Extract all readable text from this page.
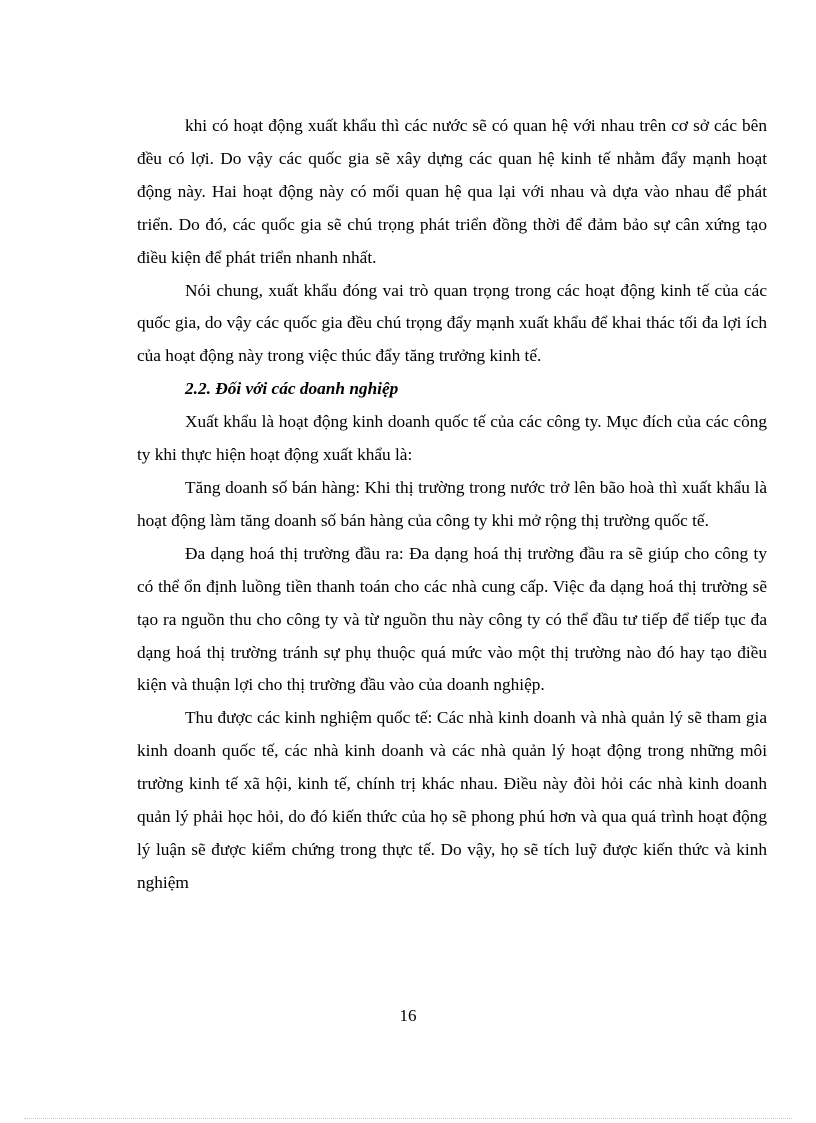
khi có hoạt động xuất khẩu thì các nước sẽ có quan hệ với nhau trên cơ sở các bên đều có lợi. Do vậy các quốc gia sẽ xây dựng các quan hệ kinh tế nhằm đẩy mạnh hoạt động này. Hai hoạt động này có mối quan hệ qua lại với nhau và dựa vào nhau để phát triển. Do đó, các quốc gia sẽ chú trọng phát triển đồng thời để đảm bảo sự cân xứng tạo điều kiện để phát triển nhanh nhất.

Nói chung, xuất khẩu đóng vai trò quan trọng trong các hoạt động kinh tế của các quốc gia, do vậy các quốc gia đều chú trọng đẩy mạnh xuất khẩu để khai thác tối đa lợi ích của hoạt động này trong việc thúc đẩy tăng trưởng kinh tế.

2.2. Đối với các doanh nghiệp

Xuất khẩu là hoạt động kinh doanh quốc tế của các công ty. Mục đích của các công ty khi thực hiện hoạt động xuất khẩu là:

Tăng doanh số bán hàng: Khi thị trường trong nước trở lên bão hoà thì xuất khẩu là hoạt động làm tăng doanh số bán hàng của công ty khi mở rộng thị trường quốc tế.

Đa dạng hoá thị trường đầu ra: Đa dạng hoá thị trường đầu ra sẽ giúp cho công ty có thể ổn định luồng tiền thanh toán cho các nhà cung cấp. Việc đa dạng hoá thị trường sẽ tạo ra nguồn thu cho công ty và từ nguồn thu này công ty có thể đầu tư tiếp để tiếp tục đa dạng hoá thị trường tránh sự phụ thuộc quá mức vào một thị trường nào đó hay tạo điều kiện và thuận lợi cho thị trường đầu vào của doanh nghiệp.

Thu được các kinh nghiệm quốc tế: Các nhà kinh doanh và nhà quản lý sẽ tham gia kinh doanh quốc tế, các nhà kinh doanh và các nhà quản lý hoạt động trong những môi trường kinh tế xã hội, kinh tế, chính trị khác nhau. Điều này đòi hỏi các nhà kinh doanh quản lý phải học hỏi, do đó kiến thức của họ sẽ phong phú hơn và qua quá trình hoạt động lý luận sẽ được kiểm chứng trong thực tế. Do vậy, họ sẽ tích luỹ được kiến thức và kinh nghiệm

16
